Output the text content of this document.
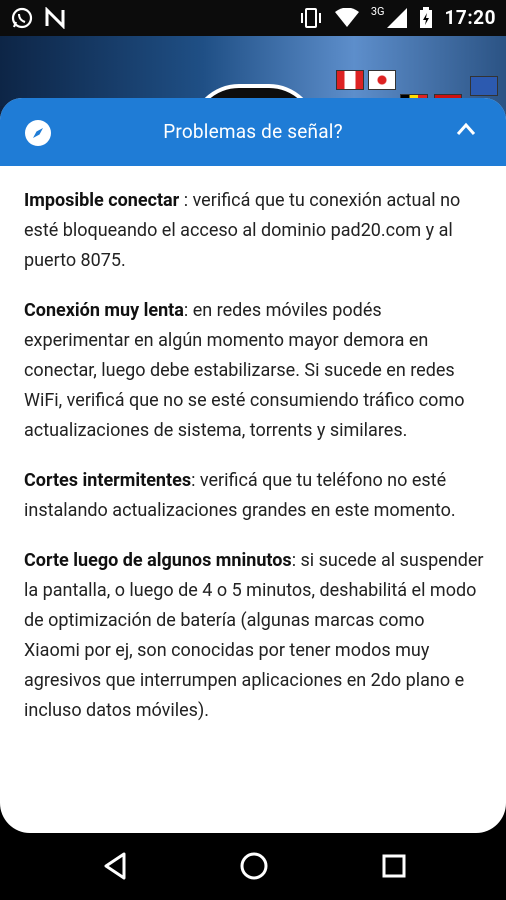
3G	17:20
Problemas de señal?

Imposible conectar : verificá que tu conexión actual no esté bloqueando el acceso al dominio pad20.com y al puerto 8075.

Conexión muy lenta: en redes móviles podés experimentar en algún momento mayor demora en conectar, luego debe estabilizarse. Si sucede en redes WiFi, verificá que no se esté consumiendo tráfico como actualizaciones de sistema, torrents y similares.

Cortes intermitentes: verificá que tu teléfono no esté instalando actualizaciones grandes en este momento.

Corte luego de algunos mninutos: si sucede al suspender la pantalla, o luego de 4 o 5 minutos, deshabilitá el modo de optimización de batería (algunas marcas como Xiaomi por ej, son conocidas por tener modos muy agresivos que interrumpen aplicaciones en 2do plano e incluso datos móviles).
